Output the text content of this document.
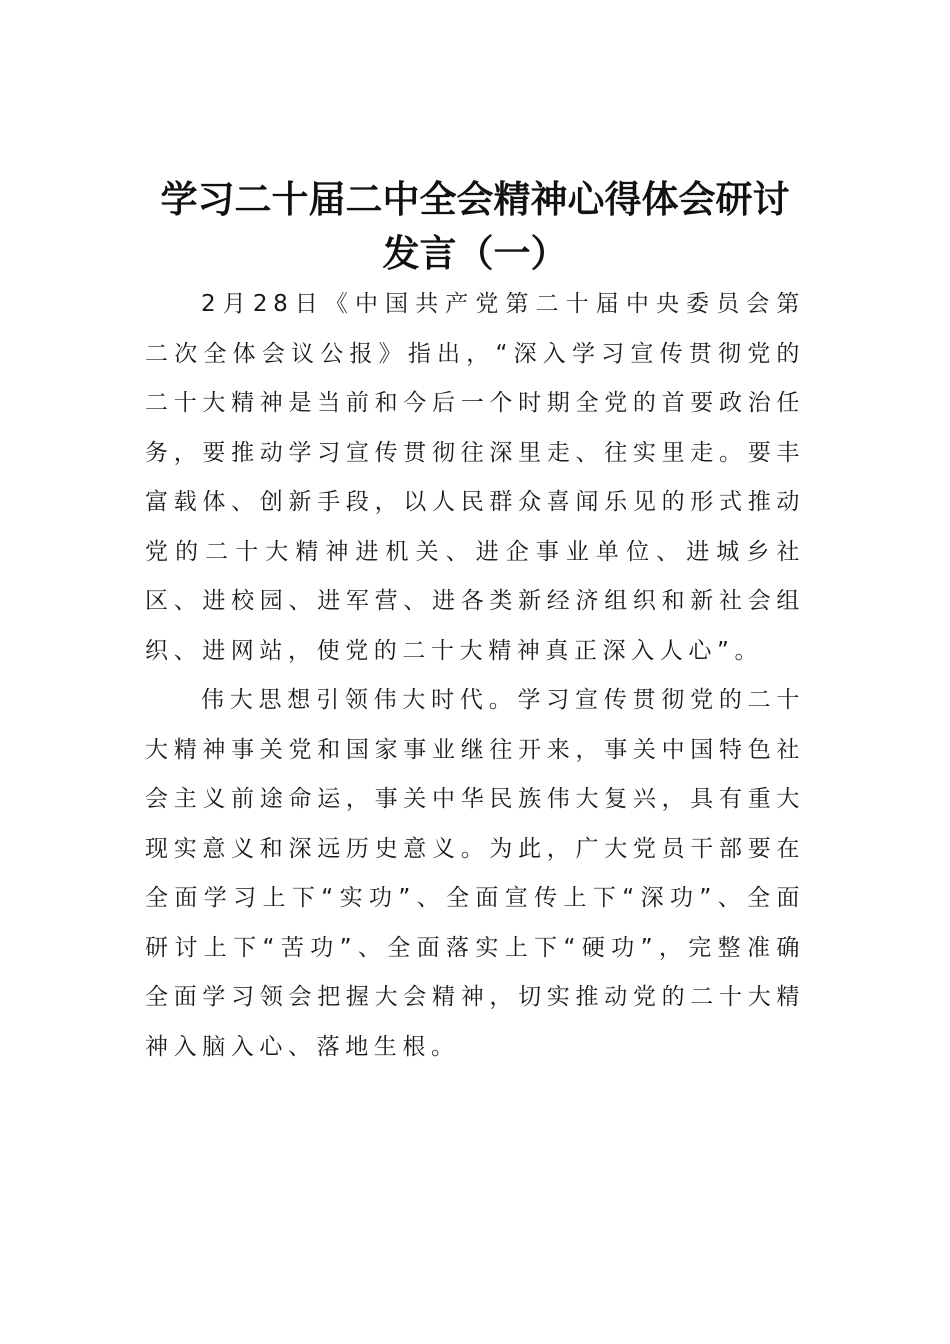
学习二十届二中全会精神心得体会研讨发言（一）

2月28日《中国共产党第二十届中央委员会第二次全体会议公报》指出，“深入学习宣传贯彻党的二十大精神是当前和今后一个时期全党的首要政治任务，要推动学习宣传贯彻往深里走、往实里走。要丰富载体、创新手段，以人民群众喜闻乐见的形式推动党的二十大精神进机关、进企事业单位、进城乡社区、进校园、进军营、进各类新经济组织和新社会组织、进网站，使党的二十大精神真正深入人心”。

伟大思想引领伟大时代。学习宣传贯彻党的二十大精神事关党和国家事业继往开来，事关中国特色社会主义前途命运，事关中华民族伟大复兴，具有重大现实意义和深远历史意义。为此，广大党员干部要在全面学习上下“实功”、全面宣传上下“深功”、全面研讨上下“苦功”、全面落实上下“硬功”，完整准确全面学习领会把握大会精神，切实推动党的二十大精神入脑入心、落地生根。
